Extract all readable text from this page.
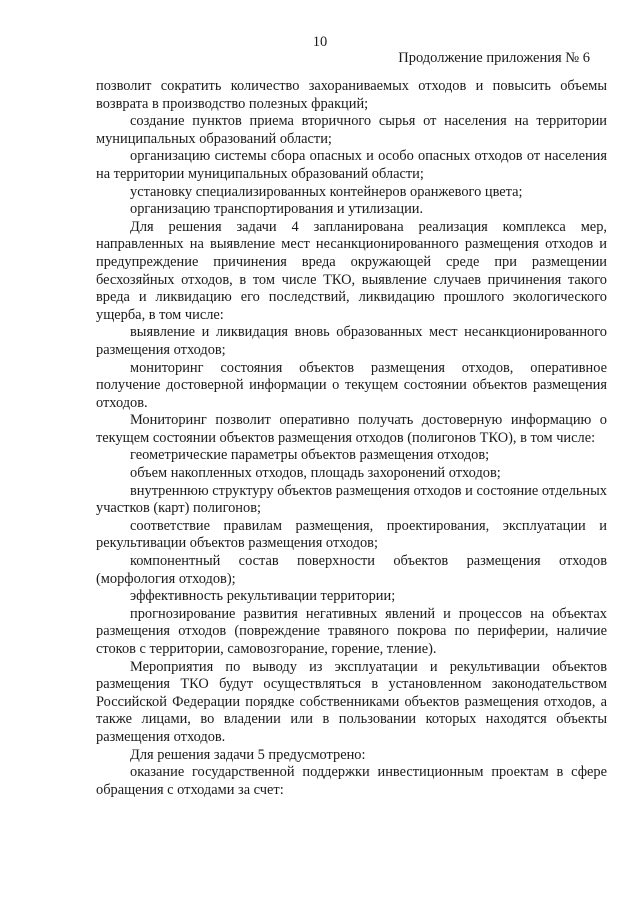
10
Продолжение приложения № 6

позволит сократить количество захораниваемых отходов и повысить объемы возврата в производство полезных фракций;

создание пунктов приема вторичного сырья от населения на территории муниципальных образований области;

организацию системы сбора опасных и особо опасных отходов от населения на территории муниципальных образований области;

установку специализированных контейнеров оранжевого цвета;

организацию транспортирования и утилизации.

Для решения задачи 4 запланирована реализация комплекса мер, направленных на выявление мест несанкционированного размещения отходов и предупреждение причинения вреда окружающей среде при размещении бесхозяйных отходов, в том числе ТКО, выявление случаев причинения такого вреда и ликвидацию его последствий, ликвидацию прошлого экологического ущерба, в том числе:

выявление и ликвидация вновь образованных мест несанкционированного размещения отходов;

мониторинг состояния объектов размещения отходов, оперативное получение достоверной информации о текущем состоянии объектов размещения отходов.

Мониторинг позволит оперативно получать достоверную информацию о текущем состоянии объектов размещения отходов (полигонов ТКО), в том числе:

геометрические параметры объектов размещения отходов;

объем накопленных отходов, площадь захоронений отходов;

внутреннюю структуру объектов размещения отходов и состояние отдельных участков (карт) полигонов;

соответствие правилам размещения, проектирования, эксплуатации и рекультивации объектов размещения отходов;

компонентный состав поверхности объектов размещения отходов (морфология отходов);

эффективность рекультивации территории;

прогнозирование развития негативных явлений и процессов на объектах размещения отходов (повреждение травяного покрова по периферии, наличие стоков с территории, самовозгорание, горение, тление).

Мероприятия по выводу из эксплуатации и рекультивации объектов размещения ТКО будут осуществляться в установленном законодательством Российской Федерации порядке собственниками объектов размещения отходов, а также лицами, во владении или в пользовании которых находятся объекты размещения отходов.

Для решения задачи 5 предусмотрено:

оказание государственной поддержки инвестиционным проектам в сфере обращения с отходами за счет:
